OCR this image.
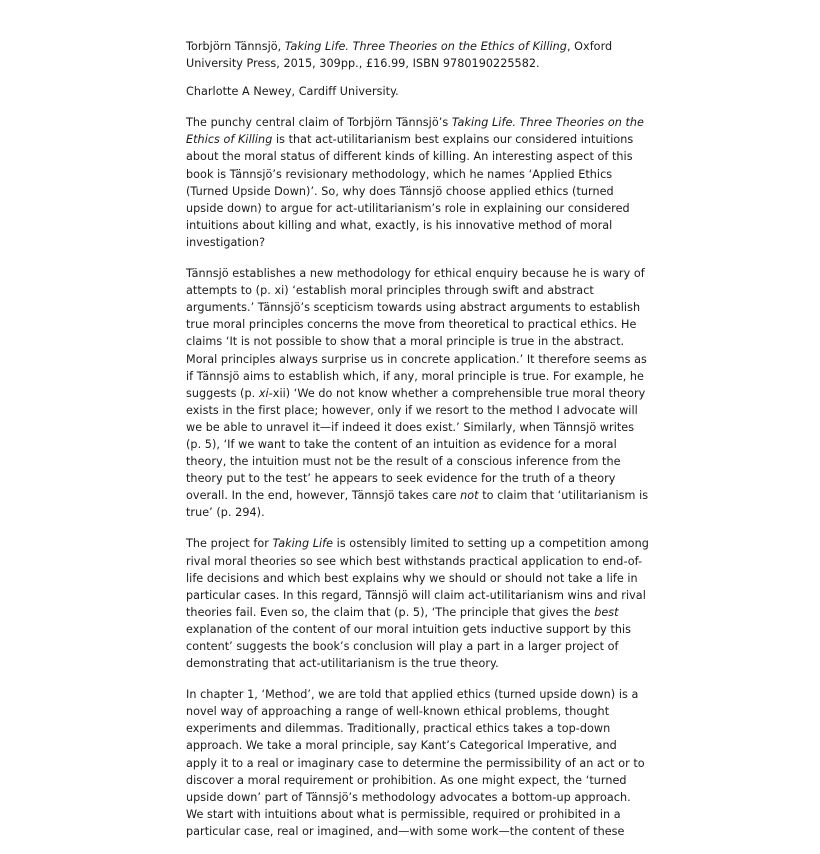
Torbjörn Tännsjö, Taking Life. Three Theories on the Ethics of Killing, Oxford
University Press, 2015, 309pp., £16.99, ISBN 9780190225582.
Charlotte A Newey, Cardiff University.
The punchy central claim of Torbjörn Tännsjö’s Taking Life. Three Theories on the
Ethics of Killing is that act-utilitarianism best explains our considered intuitions
about the moral status of different kinds of killing. An interesting aspect of this
book is Tännsjö’s revisionary methodology, which he names ‘Applied Ethics
(Turned Upside Down)’. So, why does Tännsjö choose applied ethics (turned
upside down) to argue for act-utilitarianism’s role in explaining our considered
intuitions about killing and what, exactly, is his innovative method of moral
investigation?
Tännsjö establishes a new methodology for ethical enquiry because he is wary of
attempts to (p. xi) ‘establish moral principles through swift and abstract
arguments.’ Tännsjö’s scepticism towards using abstract arguments to establish
true moral principles concerns the move from theoretical to practical ethics. He
claims ‘It is not possible to show that a moral principle is true in the abstract.
Moral principles always surprise us in concrete application.’ It therefore seems as
if Tännsjö aims to establish which, if any, moral principle is true. For example, he
suggests (p. xi-xii) ‘We do not know whether a comprehensible true moral theory
exists in the first place; however, only if we resort to the method I advocate will
we be able to unravel it—if indeed it does exist.’ Similarly, when Tännsjö writes
(p. 5), ‘If we want to take the content of an intuition as evidence for a moral
theory, the intuition must not be the result of a conscious inference from the
theory put to the test’ he appears to seek evidence for the truth of a theory
overall. In the end, however, Tännsjö takes care not to claim that ‘utilitarianism is
true’ (p. 294).
The project for Taking Life is ostensibly limited to setting up a competition among
rival moral theories so see which best withstands practical application to end-of-
life decisions and which best explains why we should or should not take a life in
particular cases. In this regard, Tännsjö will claim act-utilitarianism wins and rival
theories fail. Even so, the claim that (p. 5), ‘The principle that gives the best
explanation of the content of our moral intuition gets inductive support by this
content’ suggests the book’s conclusion will play a part in a larger project of
demonstrating that act-utilitarianism is the true theory.
In chapter 1, ‘Method’, we are told that applied ethics (turned upside down) is a
novel way of approaching a range of well-known ethical problems, thought
experiments and dilemmas. Traditionally, practical ethics takes a top-down
approach. We take a moral principle, say Kant’s Categorical Imperative, and
apply it to a real or imaginary case to determine the permissibility of an act or to
discover a moral requirement or prohibition. As one might expect, the ‘turned
upside down’ part of Tännsjö’s methodology advocates a bottom-up approach.
We start with intuitions about what is permissible, required or prohibited in a
particular case, real or imagined, and—with some work—the content of these
